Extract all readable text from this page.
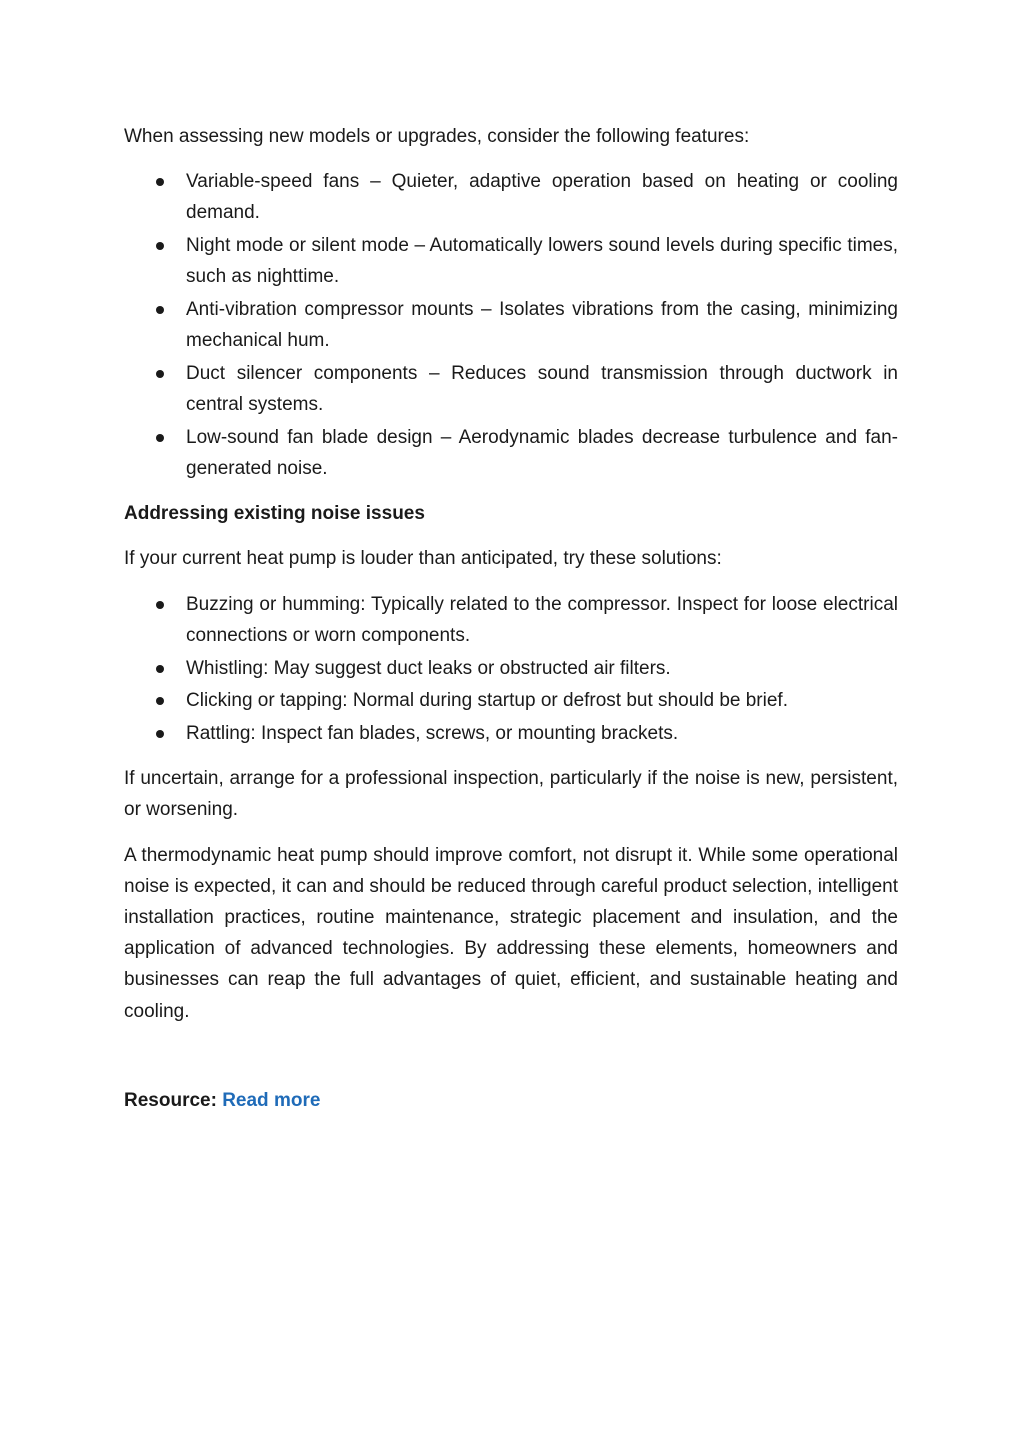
When assessing new models or upgrades, consider the following features:

Variable-speed fans – Quieter, adaptive operation based on heating or cooling demand.
Night mode or silent mode – Automatically lowers sound levels during specific times, such as nighttime.
Anti-vibration compressor mounts – Isolates vibrations from the casing, minimizing mechanical hum.
Duct silencer components – Reduces sound transmission through ductwork in central systems.
Low-sound fan blade design – Aerodynamic blades decrease turbulence and fan-generated noise.

Addressing existing noise issues

If your current heat pump is louder than anticipated, try these solutions:

Buzzing or humming: Typically related to the compressor. Inspect for loose electrical connections or worn components.
Whistling: May suggest duct leaks or obstructed air filters.
Clicking or tapping: Normal during startup or defrost but should be brief.
Rattling: Inspect fan blades, screws, or mounting brackets.

If uncertain, arrange for a professional inspection, particularly if the noise is new, persistent, or worsening.

A thermodynamic heat pump should improve comfort, not disrupt it. While some operational noise is expected, it can and should be reduced through careful product selection, intelligent installation practices, routine maintenance, strategic placement and insulation, and the application of advanced technologies. By addressing these elements, homeowners and businesses can reap the full advantages of quiet, efficient, and sustainable heating and cooling.

Resource: Read more
